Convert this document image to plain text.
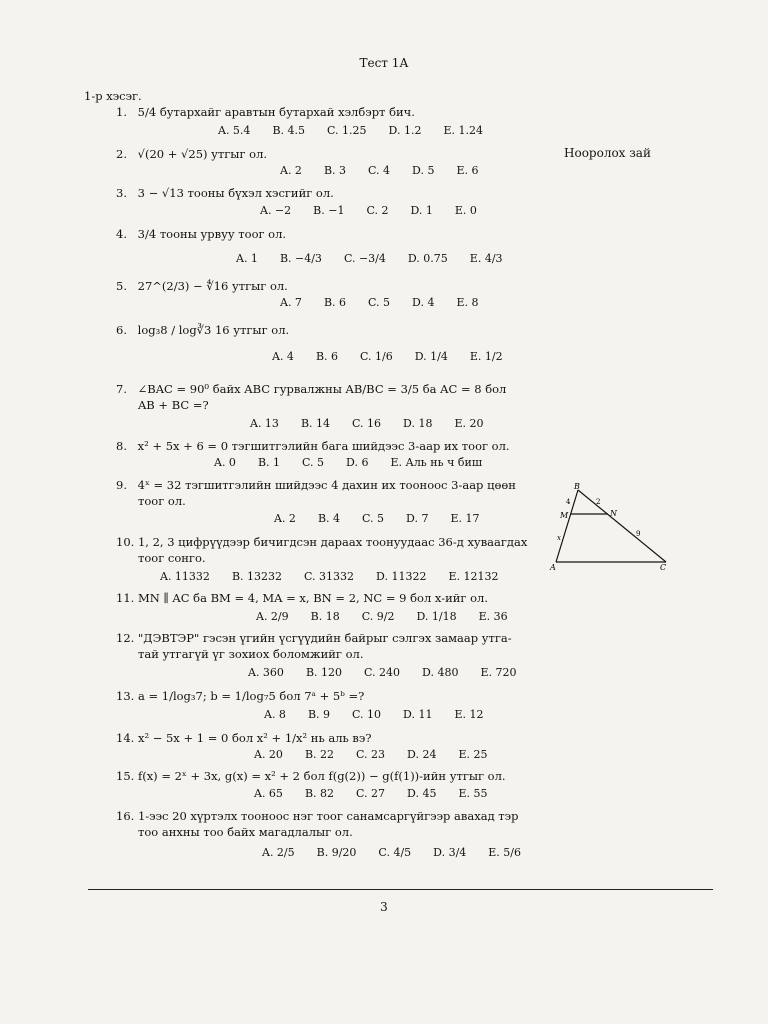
Тест 1А
1-р хэсэг.
Нооролох зай
1. 5/4 бутархайг аравтын бутархай хэлбэрт бич.
A. 5.4 B. 4.5 C. 1.25 D. 1.2 E. 1.24
2. √(20 + √25) утгыг ол.
A. 2 B. 3 C. 4 D. 5 E. 6
3. 3 − √13 тооны бүхэл хэсгийг ол.
A. −2 B. −1 C. 2 D. 1 E. 0
4. 3/4 тооны урвуу тоог ол.
A. 1 B. −4/3 C. −3/4 D. 0.75 E. 4/3
5. 27^(2/3) − ∜16 утгыг ол.
A. 7 B. 6 C. 5 D. 4 E. 8
6. log₃8 / log∛3 16 утгыг ол.
A. 4 B. 6 C. 1/6 D. 1/4 E. 1/2
7. ∠BAC = 90⁰ байх ABC гурвалжны AB/BC = 3/5 ба AC = 8 бол
AB + BC =?
A. 13 B. 14 C. 16 D. 18 E. 20
8. x² + 5x + 6 = 0 тэгшитгэлийн бага шийдээс 3-аар их тоог ол.
A. 0 B. 1 C. 5 D. 6 E. Аль нь ч биш
9. 4ˣ = 32 тэгшитгэлийн шийдээс 4 дахин их тооноос 3-аар цөөн
тоог ол.
A. 2 B. 4 C. 5 D. 7 E. 17
10. 1, 2, 3 цифрүүдээр бичигдсэн дараах тоонуудаас 36-д хуваагдах
тоог сонго.
A. 11332 B. 13232 C. 31332 D. 11322 E. 12132
11. MN ∥ AC ба BM = 4, MA = x, BN = 2, NC = 9 бол x-ийг ол.
A. 2/9 B. 18 C. 9/2 D. 1/18 E. 36
12. "ДЭВТЭР" гэсэн үгийн үсгүүдийн байрыг сэлгэх замаар утга-
тай утгагүй үг зохиох боломжийг ол.
A. 360 B. 120 C. 240 D. 480 E. 720
13. a = 1/log₃7; b = 1/log₇5 бол 7ᵃ + 5ᵇ =?
A. 8 B. 9 C. 10 D. 11 E. 12
14. x² − 5x + 1 = 0 бол x² + 1/x² нь аль вэ?
A. 20 B. 22 C. 23 D. 24 E. 25
15. f(x) = 2ˣ + 3x, g(x) = x² + 2 бол f(g(2)) − g(f(1))-ийн утгыг ол.
A. 65 B. 82 C. 27 D. 45 E. 55
16. 1-ээс 20 хүртэлх тооноос нэг тоог санамсаргүйгээр авахад тэр
тоо анхны тоо байх магадлалыг ол.
A. 2/5 B. 9/20 C. 4/5 D. 3/4 E. 5/6
B
M	N
A	C
4	2
x	9
3
